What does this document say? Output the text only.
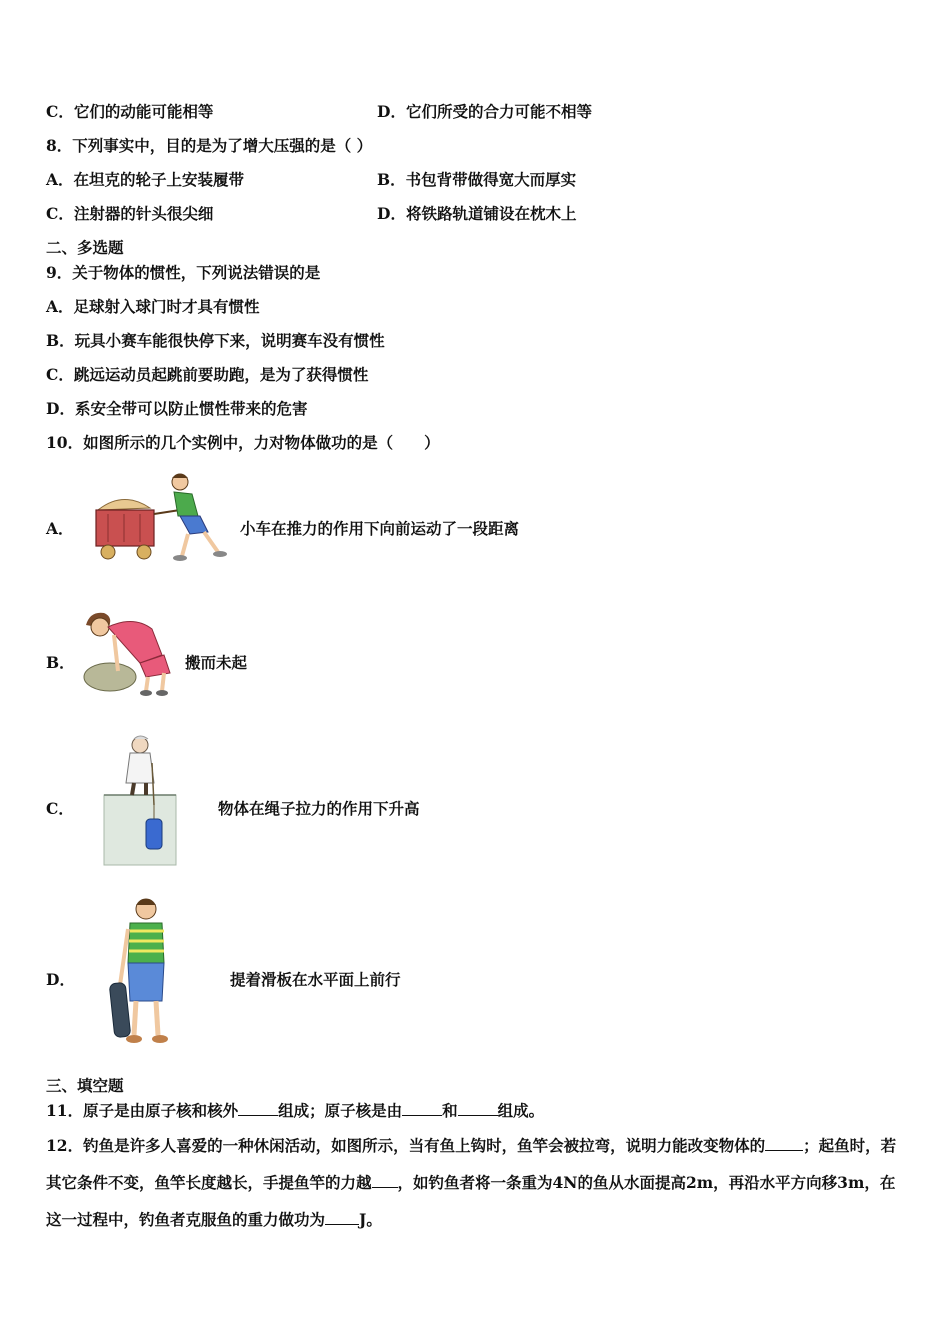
C．它们的动能可能相等	D．它们所受的合力可能不相等
8．下列事实中，目的是为了增大压强的是（ ）
A．在坦克的轮子上安装履带	B．书包背带做得宽大而厚实
C．注射器的针头很尖细	D．将铁路轨道铺设在枕木上
二、多选题
9．关于物体的惯性，下列说法错误的是
A．足球射入球门时才具有惯性
B．玩具小赛车能很快停下来，说明赛车没有惯性
C．跳远运动员起跳前要助跑，是为了获得惯性
D．系安全带可以防止惯性带来的危害
10．如图所示的几个实例中，力对物体做功的是（　　）
A．	小车在推力的作用下向前运动了一段距离
B．	搬而未起
C．	物体在绳子拉力的作用下升高
D．	提着滑板在水平面上前行
三、填空题
11．原子是由原子核和核外	组成；原子核是由	和	组成。
12．钓鱼是许多人喜爱的一种休闲活动，如图所示，当有鱼上钩时，鱼竿会被拉弯，说明力能改变物体的 ；起鱼时，若其它条件不变，鱼竿长度越长，手提鱼竿的力越 ，如钓鱼者将一条重为4N的鱼从水面提高2m，再沿水平方向移3m，在这一过程中，钓鱼者克服鱼的重力做功为 J。
